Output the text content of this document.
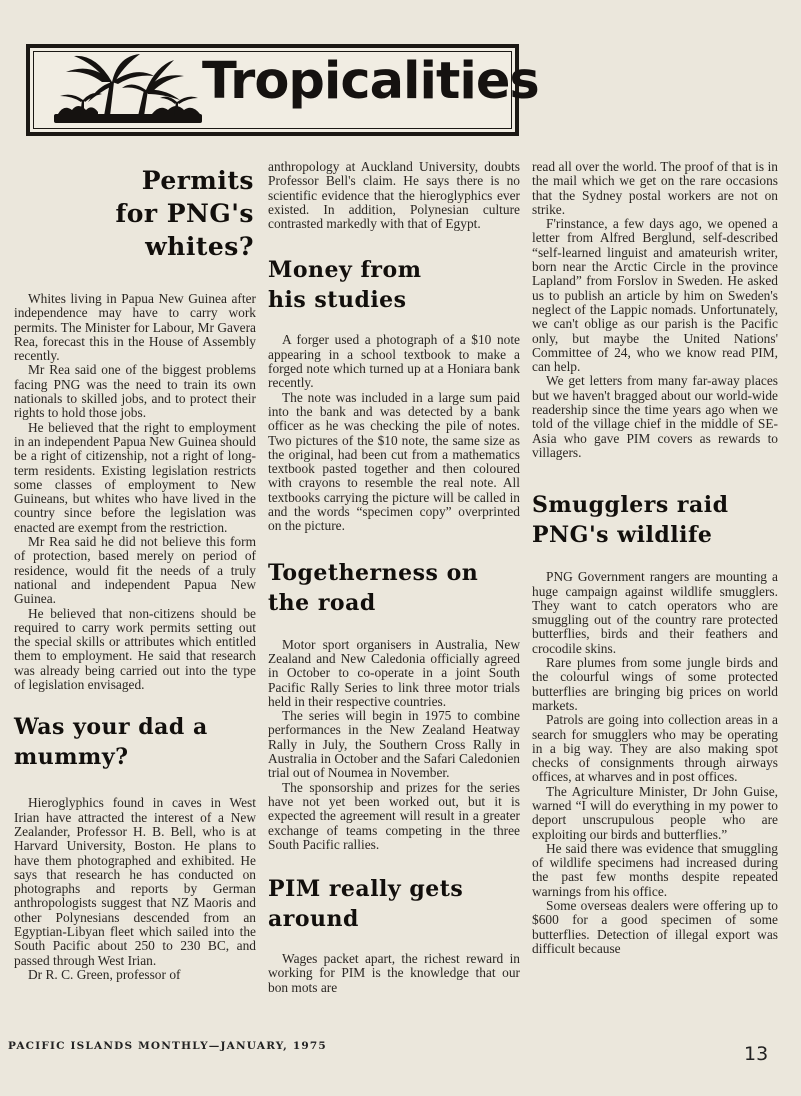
Tropicalities
Permits for PNG's whites?

Whites living in Papua New Guinea after independence may have to carry work permits. The Minister for Labour, Mr Gavera Rea, forecast this in the House of Assembly recently.

Mr Rea said one of the biggest problems facing PNG was the need to train its own nationals to skilled jobs, and to protect their rights to hold those jobs.

He believed that the right to employment in an independent Papua New Guinea should be a right of citizenship, not a right of long-term residents. Existing legislation restricts some classes of employment to New Guineans, but whites who have lived in the country since before the legislation was enacted are exempt from the restriction.

Mr Rea said he did not believe this form of protection, based merely on period of residence, would fit the needs of a truly national and independent Papua New Guinea.

He believed that non-citizens should be required to carry work permits setting out the special skills or attributes which entitled them to employment. He said that research was already being carried out into the type of legislation envisaged.

Was your dad a mummy?

Hieroglyphics found in caves in West Irian have attracted the interest of a New Zealander, Professor H. B. Bell, who is at Harvard University, Boston. He plans to have them photographed and exhibited. He says that research he has conducted on photographs and reports by German anthropologists suggest that NZ Maoris and other Polynesians descended from an Egyptian-Libyan fleet which sailed into the South Pacific about 250 to 230 BC, and passed through West Irian.

Dr R. C. Green, professor of

anthropology at Auckland University, doubts Professor Bell's claim. He says there is no scientific evidence that the hieroglyphics ever existed. In addition, Polynesian culture contrasted markedly with that of Egypt.

Money from his studies

A forger used a photograph of a $10 note appearing in a school textbook to make a forged note which turned up at a Honiara bank recently.

The note was included in a large sum paid into the bank and was detected by a bank officer as he was checking the pile of notes. Two pictures of the $10 note, the same size as the original, had been cut from a mathematics textbook pasted together and then coloured with crayons to resemble the real note. All textbooks carrying the picture will be called in and the words “specimen copy” overprinted on the picture.

Togetherness on the road

Motor sport organisers in Australia, New Zealand and New Caledonia officially agreed in October to co-operate in a joint South Pacific Rally Series to link three motor trials held in their respective countries.

The series will begin in 1975 to combine performances in the New Zealand Heatway Rally in July, the Southern Cross Rally in Australia in October and the Safari Caledonien trial out of Noumea in November.

The sponsorship and prizes for the series have not yet been worked out, but it is expected the agreement will result in a greater exchange of teams competing in the three South Pacific rallies.

PIM really gets around

Wages packet apart, the richest reward in working for PIM is the knowledge that our bon mots are

read all over the world. The proof of that is in the mail which we get on the rare occasions that the Sydney postal workers are not on strike.

F'rinstance, a few days ago, we opened a letter from Alfred Berglund, self-described “self-learned linguist and amateurish writer, born near the Arctic Circle in the province Lapland” from Forslov in Sweden. He asked us to publish an article by him on Sweden's neglect of the Lappic nomads. Unfortunately, we can't oblige as our parish is the Pacific only, but maybe the United Nations' Committee of 24, who we know read PIM, can help.

We get letters from many far-away places but we haven't bragged about our world-wide readership since the time years ago when we told of the village chief in the middle of SE-Asia who gave PIM covers as rewards to villagers.

Smugglers raid PNG's wildlife

PNG Government rangers are mounting a huge campaign against wildlife smugglers. They want to catch operators who are smuggling out of the country rare protected butterflies, birds and their feathers and crocodile skins.

Rare plumes from some jungle birds and the colourful wings of some protected butterflies are bringing big prices on world markets.

Patrols are going into collection areas in a search for smugglers who may be operating in a big way. They are also making spot checks of consignments through airways offices, at wharves and in post offices.

The Agriculture Minister, Dr John Guise, warned “I will do everything in my power to deport unscrupulous people who are exploiting our birds and butterflies.”

He said there was evidence that smuggling of wildlife specimens had increased during the past few months despite repeated warnings from his office.

Some overseas dealers were offering up to $600 for a good specimen of some butterflies. Detection of illegal export was difficult because

PACIFIC ISLANDS MONTHLY—JANUARY, 1975	13
